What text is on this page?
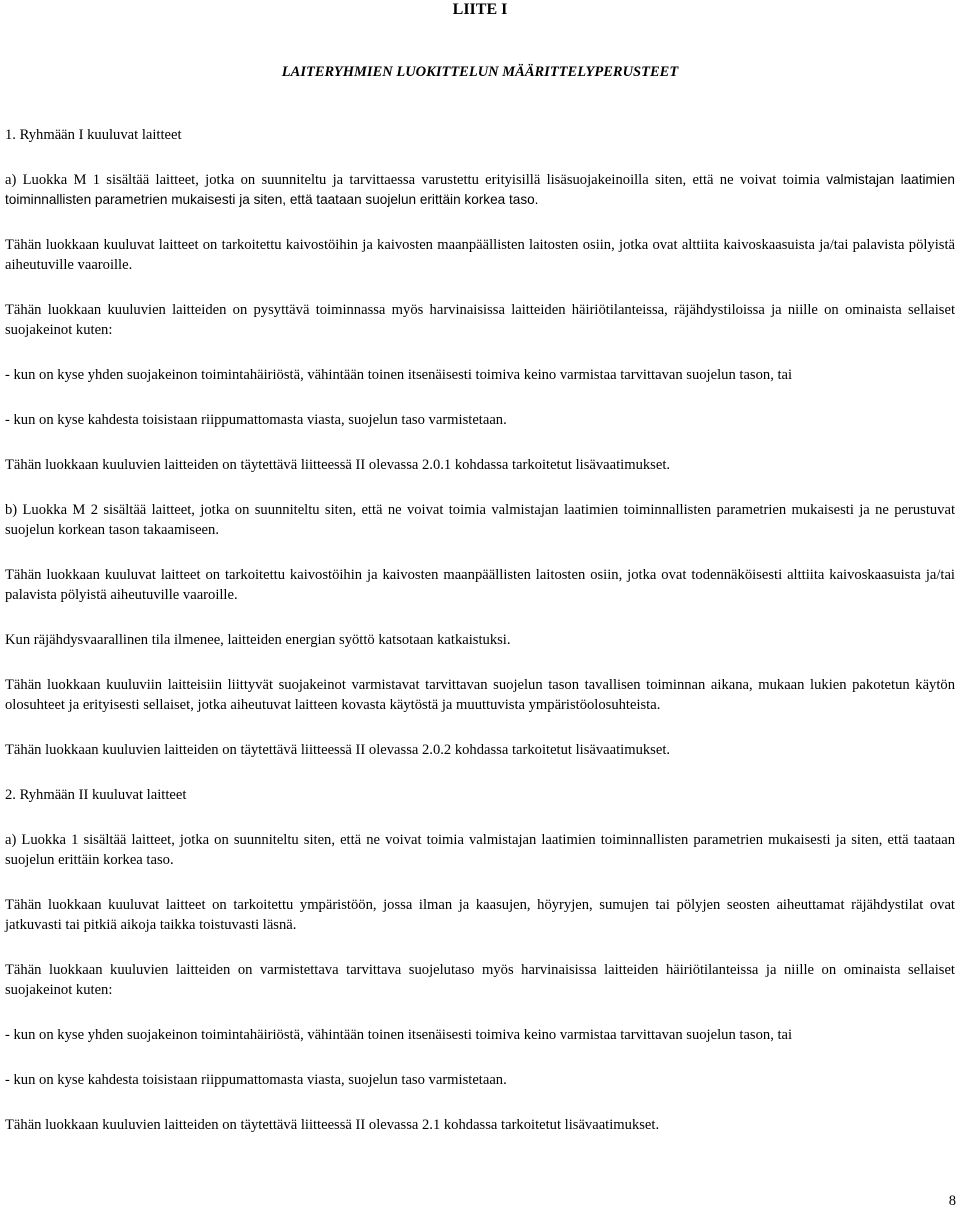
LIITE I
LAITERYHMIEN LUOKITTELUN MÄÄRITTELYPERUSTEET

1. Ryhmään I kuuluvat laitteet

a) Luokka M 1 sisältää laitteet, jotka on suunniteltu ja tarvittaessa varustettu erityisillä lisäsuojakeinoilla siten, että ne voivat toimia valmistajan laatimien toiminnallisten parametrien mukaisesti ja siten, että taataan suojelun erittäin korkea taso.

Tähän luokkaan kuuluvat laitteet on tarkoitettu kaivostöihin ja kaivosten maanpäällisten laitosten osiin, jotka ovat alttiita kaivoskaasuista ja/tai palavista pölyistä aiheutuville vaaroille.

Tähän luokkaan kuuluvien laitteiden on pysyttävä toiminnassa myös harvinaisissa laitteiden häiriötilanteissa, räjähdystiloissa ja niille on ominaista sellaiset suojakeinot kuten:

- kun on kyse yhden suojakeinon toimintahäiriöstä, vähintään toinen itsenäisesti toimiva keino varmistaa tarvittavan suojelun tason, tai

- kun on kyse kahdesta toisistaan riippumattomasta viasta, suojelun taso varmistetaan.

Tähän luokkaan kuuluvien laitteiden on täytettävä liitteessä II olevassa 2.0.1 kohdassa tarkoitetut lisävaatimukset.

b) Luokka M 2 sisältää laitteet, jotka on suunniteltu siten, että ne voivat toimia valmistajan laatimien toiminnallisten parametrien mukaisesti ja ne perustuvat suojelun korkean tason takaamiseen.

Tähän luokkaan kuuluvat laitteet on tarkoitettu kaivostöihin ja kaivosten maanpäällisten laitosten osiin, jotka ovat todennäköisesti alttiita kaivoskaasuista ja/tai palavista pölyistä aiheutuville vaaroille.

Kun räjähdysvaarallinen tila ilmenee, laitteiden energian syöttö katsotaan katkaistuksi.

Tähän luokkaan kuuluviin laitteisiin liittyvät suojakeinot varmistavat tarvittavan suojelun tason tavallisen toiminnan aikana, mukaan lukien pakotetun käytön olosuhteet ja erityisesti sellaiset, jotka aiheutuvat laitteen kovasta käytöstä ja muuttuvista ympäristöolosuhteista.

Tähän luokkaan kuuluvien laitteiden on täytettävä liitteessä II olevassa 2.0.2 kohdassa tarkoitetut lisävaatimukset.

2. Ryhmään II kuuluvat laitteet

a) Luokka 1 sisältää laitteet, jotka on suunniteltu siten, että ne voivat toimia valmistajan laatimien toiminnallisten parametrien mukaisesti ja siten, että taataan suojelun erittäin korkea taso.

Tähän luokkaan kuuluvat laitteet on tarkoitettu ympäristöön, jossa ilman ja kaasujen, höyryjen, sumujen tai pölyjen seosten aiheuttamat räjähdystilat ovat jatkuvasti tai pitkiä aikoja taikka toistuvasti läsnä.

Tähän luokkaan kuuluvien laitteiden on varmistettava tarvittava suojelutaso myös harvinaisissa laitteiden häiriötilanteissa ja niille on ominaista sellaiset suojakeinot kuten:

- kun on kyse yhden suojakeinon toimintahäiriöstä, vähintään toinen itsenäisesti toimiva keino varmistaa tarvittavan suojelun tason, tai

- kun on kyse kahdesta toisistaan riippumattomasta viasta, suojelun taso varmistetaan.

Tähän luokkaan kuuluvien laitteiden on täytettävä liitteessä II olevassa 2.1 kohdassa tarkoitetut lisävaatimukset.

8
